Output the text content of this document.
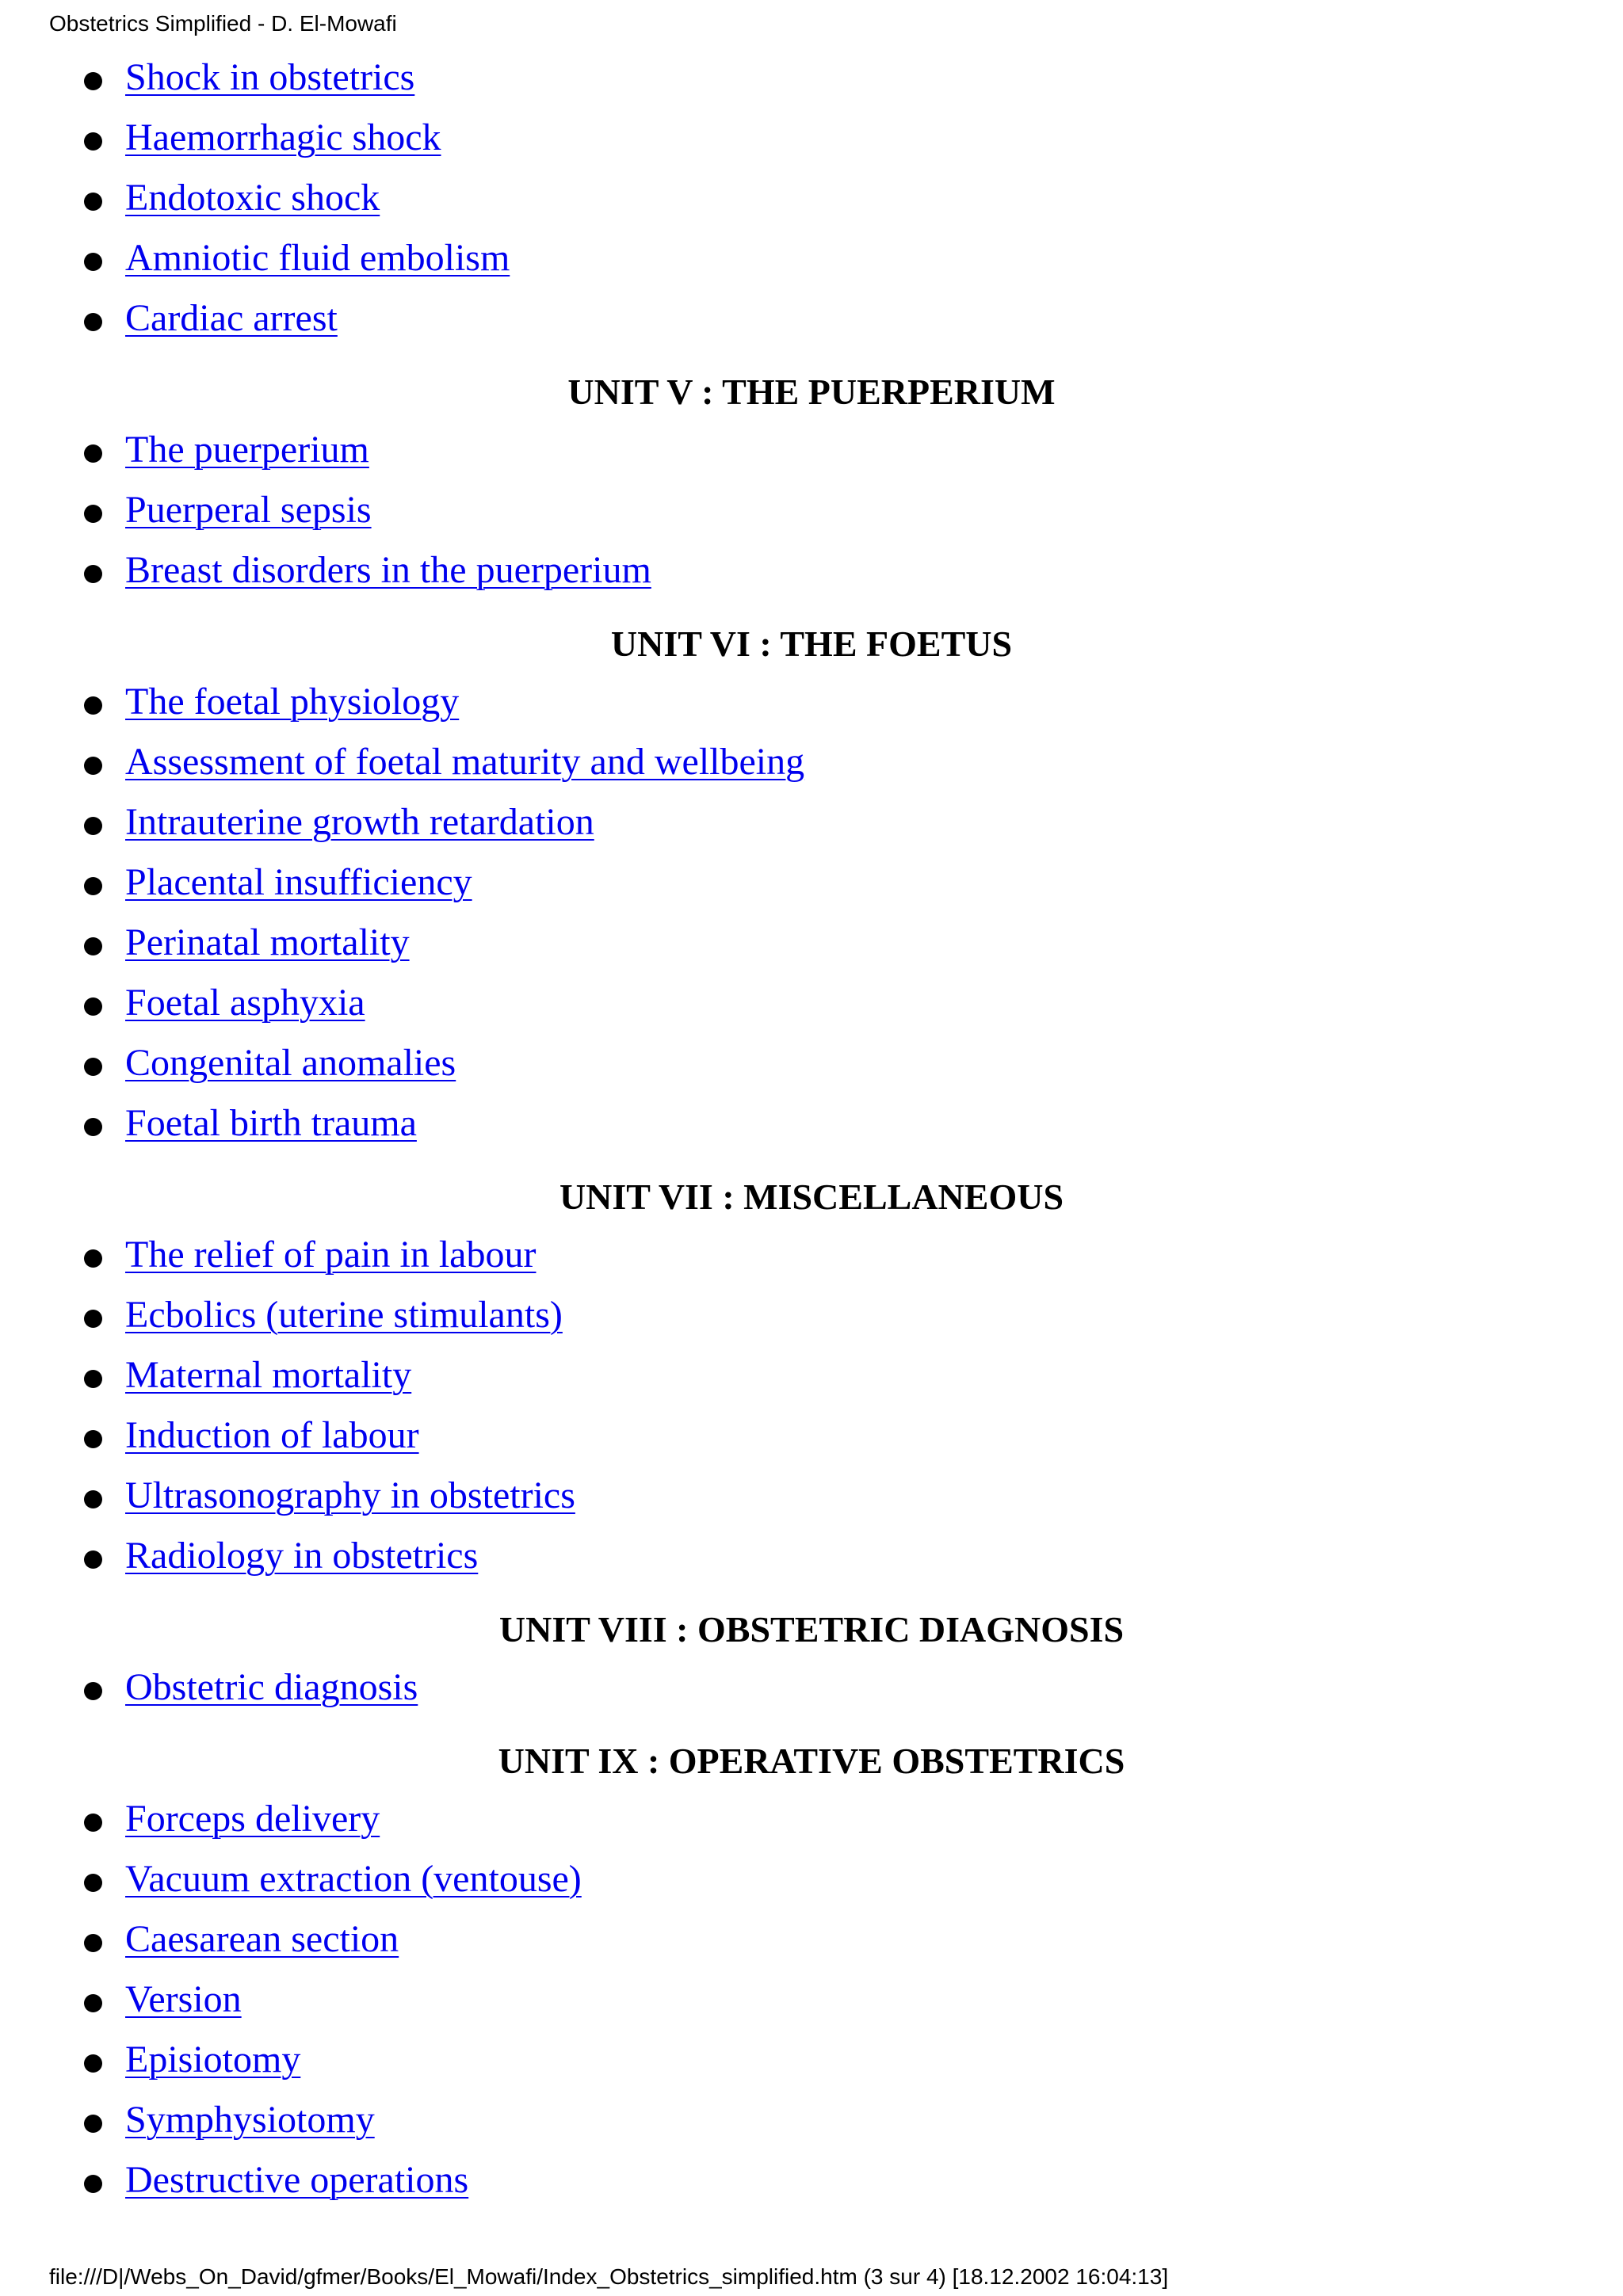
Obstetrics Simplified - D. El-Mowafi
Shock in obstetrics
Haemorrhagic shock
Endotoxic shock
Amniotic fluid embolism
Cardiac arrest
UNIT V : THE PUERPERIUM
The puerperium
Puerperal sepsis
Breast disorders in the puerperium
UNIT VI : THE FOETUS
The foetal physiology
Assessment of foetal maturity and wellbeing
Intrauterine growth retardation
Placental insufficiency
Perinatal mortality
Foetal asphyxia
Congenital anomalies
Foetal birth trauma
UNIT VII : MISCELLANEOUS
The relief of pain in labour
Ecbolics (uterine stimulants)
Maternal mortality
Induction of labour
Ultrasonography in obstetrics
Radiology in obstetrics
UNIT VIII : OBSTETRIC DIAGNOSIS
Obstetric diagnosis
UNIT IX : OPERATIVE OBSTETRICS
Forceps delivery
Vacuum extraction (ventouse)
Caesarean section
Version
Episiotomy
Symphysiotomy
Destructive operations
file:///D|/Webs_On_David/gfmer/Books/El_Mowafi/Index_Obstetrics_simplified.htm (3 sur 4) [18.12.2002 16:04:13]
